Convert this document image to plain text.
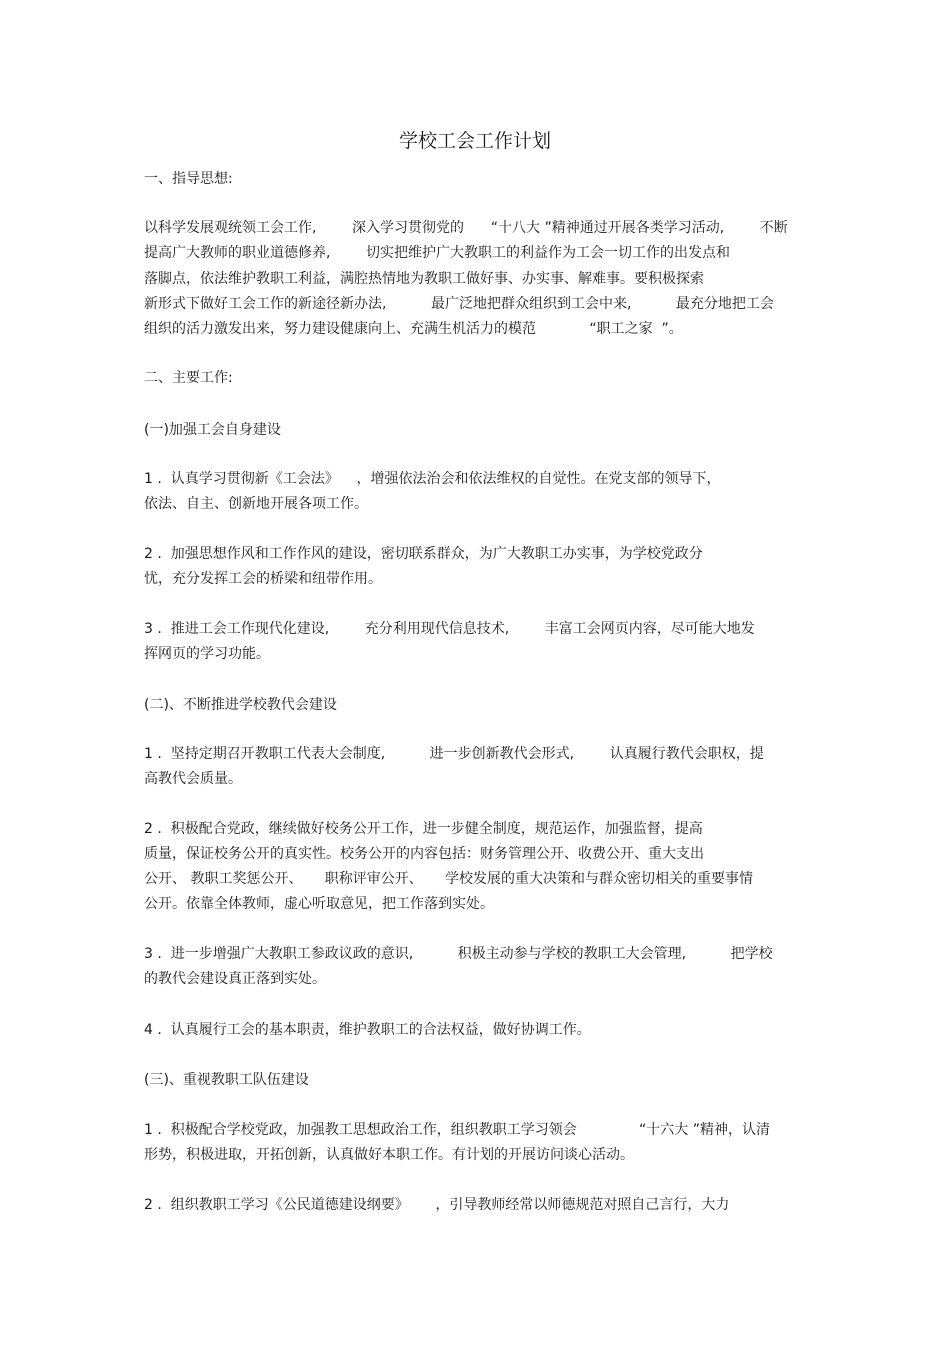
学校工会工作计划
一、指导思想:
以科学发展观统领工会工作,        深入学习贯彻党的      “十八大 ”精神通过开展各类学习活动,        不断
提高广大教师的职业道德修养,        切实把维护广大教职工的利益作为工会一切工作的出发点和
落脚点，依法维护教职工利益，满腔热情地为教职工做好事、办实事、解难事。要积极探索
新形式下做好工会工作的新途径新办法,          最广泛地把群众组织到工会中来,          最充分地把工会
组织的活力激发出来，努力建设健康向上、充满生机活力的模范            “职工之家  ”。
二、主要工作:
(一)加强工会自身建设
1 .  认真学习贯彻新《工会法》    ，增强依法治会和依法维权的自觉性。在党支部的领导下，
依法、自主、创新地开展各项工作。
2 .  加强思想作风和工作作风的建设，密切联系群众，为广大教职工办实事，为学校党政分
忧，充分发挥工会的桥梁和纽带作用。
3 .  推进工会工作现代化建设,        充分利用现代信息技术,        丰富工会网页内容，尽可能大地发
挥网页的学习功能。
(二)、不断推进学校教代会建设
1 .  坚持定期召开教职工代表大会制度,          进一步创新教代会形式,        认真履行教代会职权，提
高教代会质量。
2 .  积极配合党政，继续做好校务公开工作，进一步健全制度，规范运作，加强监督，提高
质量，保证校务公开的真实性。校务公开的内容包括：财务管理公开、收费公开、重大支出
公开、 教职工奖惩公开、     职称评审公开、     学校发展的重大决策和与群众密切相关的重要事情
公开。依靠全体教师，虚心听取意见，把工作落到实处。
3 .  进一步增强广大教职工参政议政的意识,          积极主动参与学校的教职工大会管理,          把学校
的教代会建设真正落到实处。
4 .  认真履行工会的基本职责，维护教职工的合法权益，做好协调工作。
(三)、重视教职工队伍建设
1 .  积极配合学校党政，加强教工思想政治工作，组织教职工学习领会              “十六大 ”精神，认清
形势，积极进取，开拓创新，认真做好本职工作。有计划的开展访问谈心活动。
2 .  组织教职工学习《公民道德建设纲要》      ，引导教师经常以师德规范对照自己言行，大力
